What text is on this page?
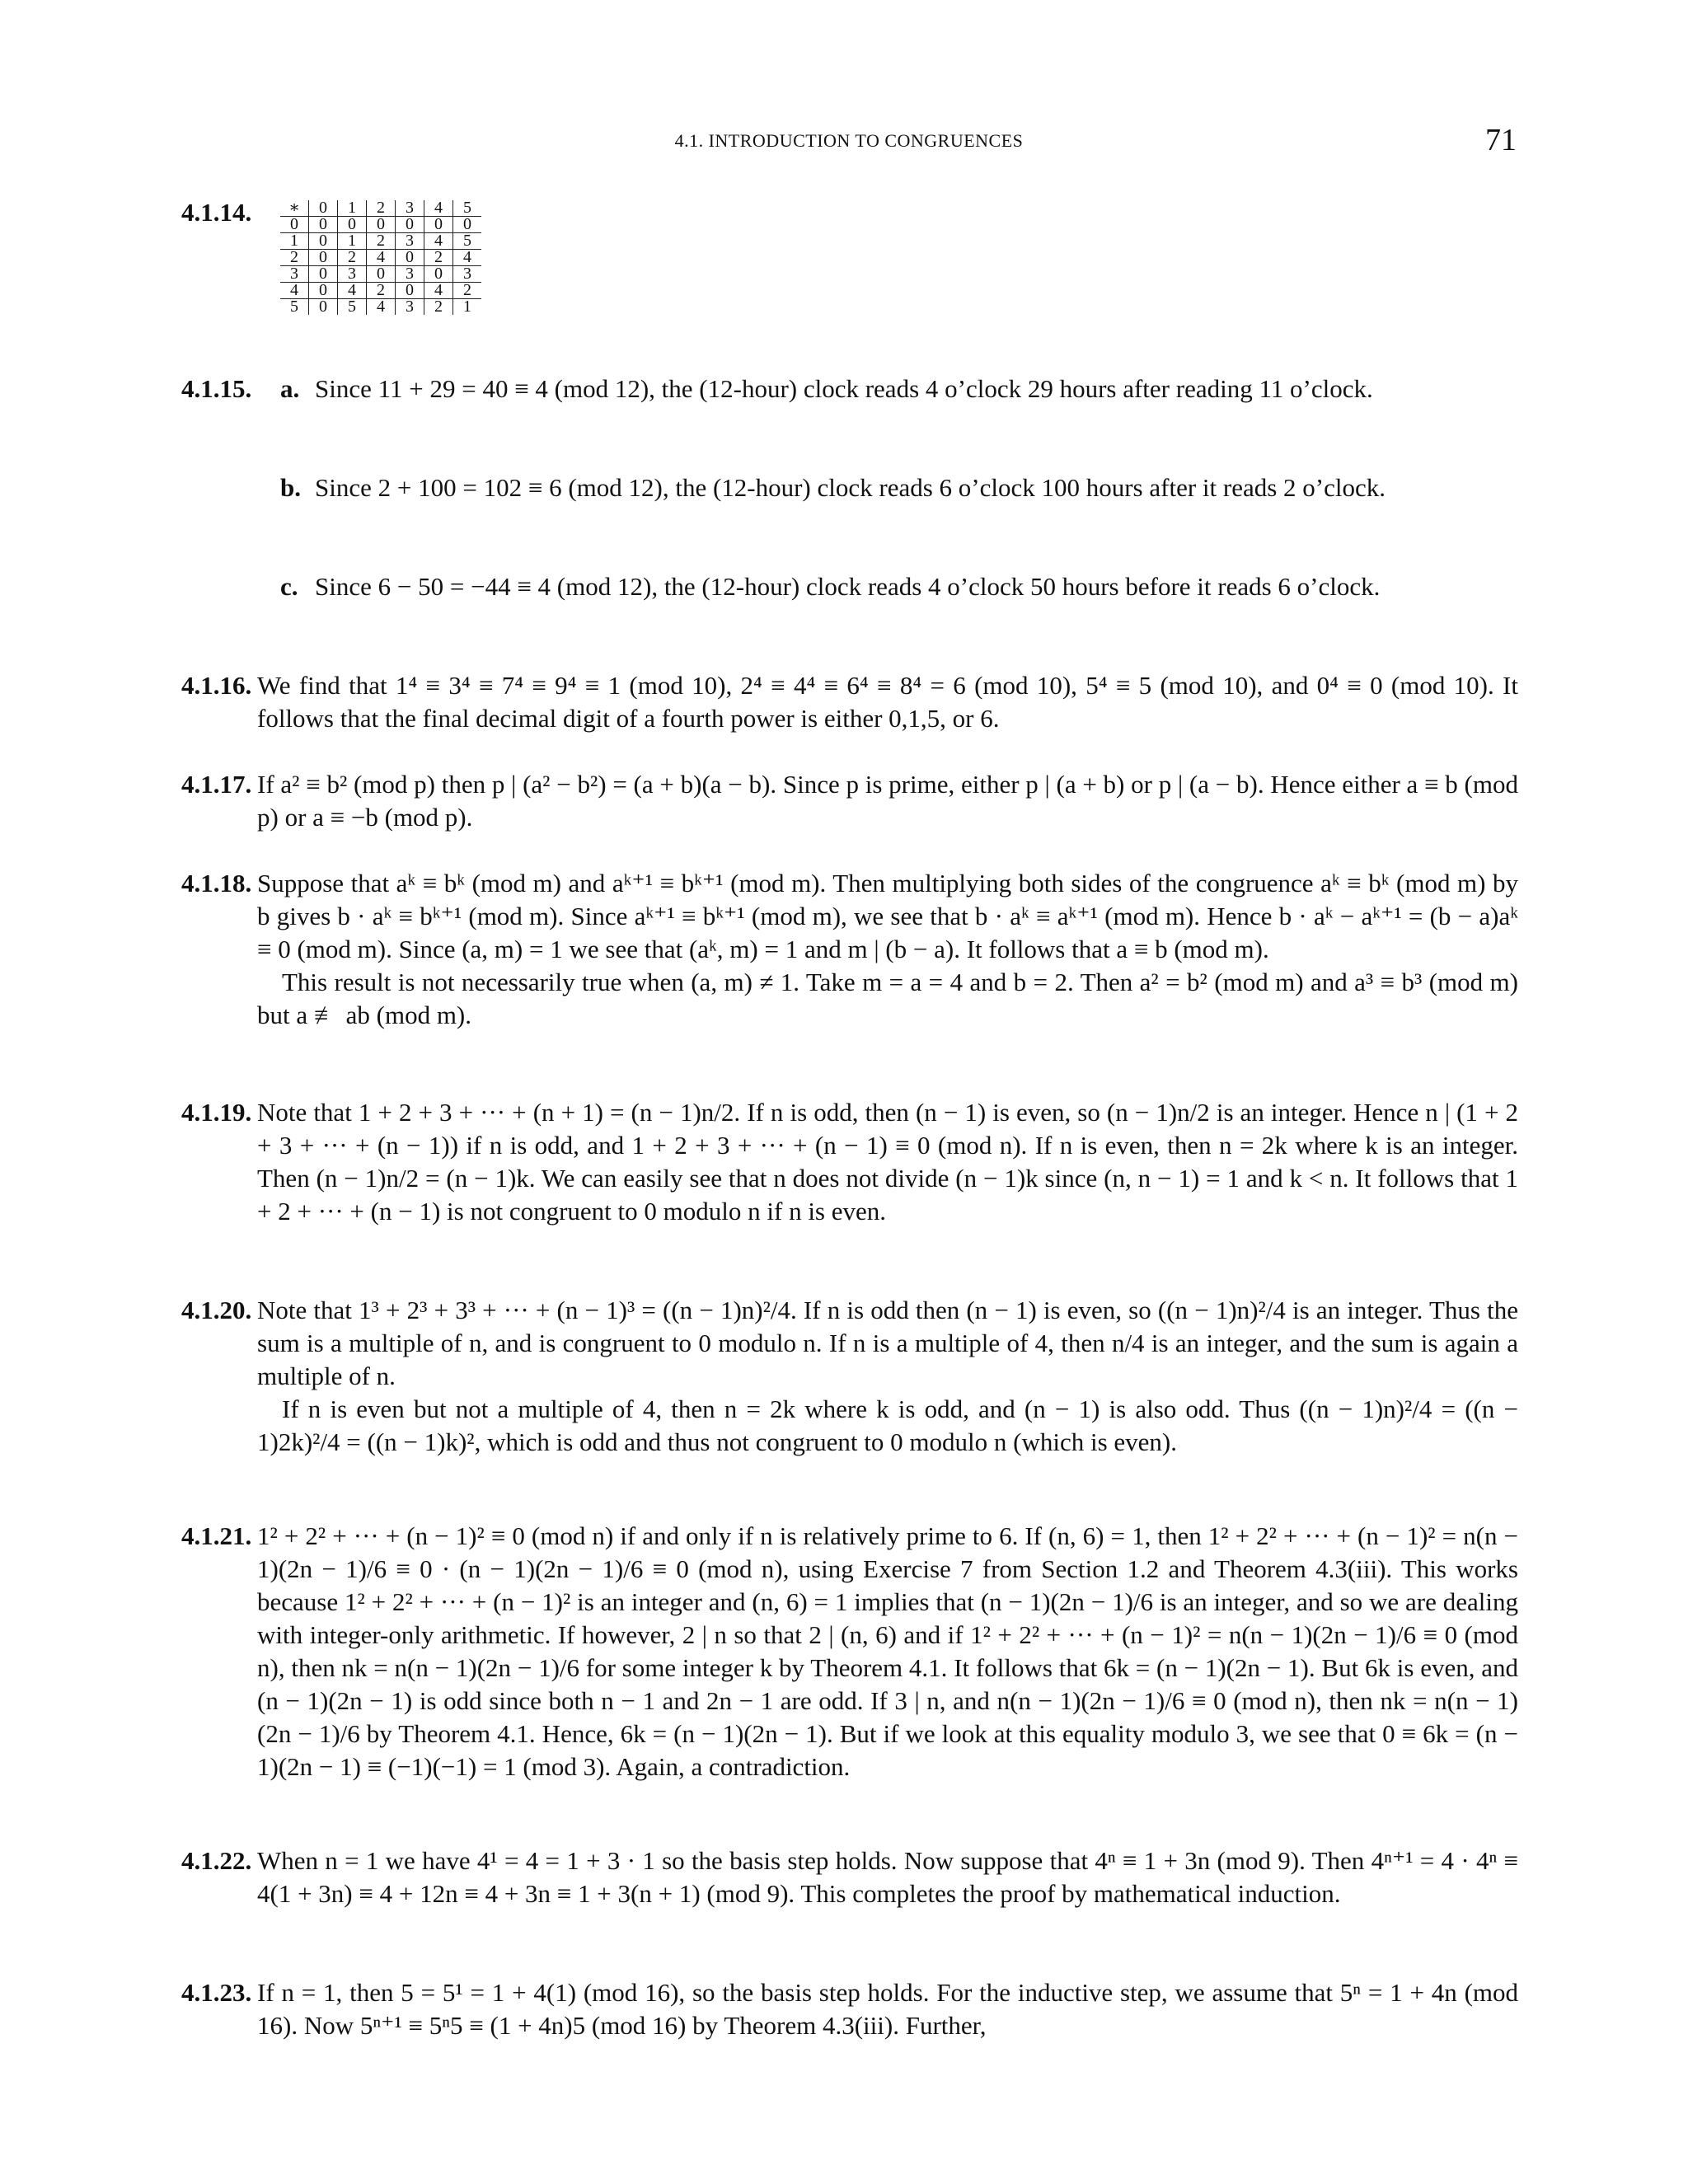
4.1. INTRODUCTION TO CONGRUENCES	71
4.1.14. ∗	0	1	2	3	4	5
0	0	0	0	0	0	0
1	0	1	2	3	4	5
2	0	2	4	0	2	4
3	0	3	0	3	0	3
4	0	4	2	0	4	2
5	0	5	4	3	2	1
4.1.15. a. Since 11 + 29 = 40 ≡ 4 (mod 12), the (12-hour) clock reads 4 o’clock 29 hours after reading 11 o’clock.
b. Since 2 + 100 = 102 ≡ 6 (mod 12), the (12-hour) clock reads 6 o’clock 100 hours after it reads 2 o’clock.
c. Since 6 − 50 = −44 ≡ 4 (mod 12), the (12-hour) clock reads 4 o’clock 50 hours before it reads 6 o’clock.
4.1.16. We find that 1⁴ ≡ 3⁴ ≡ 7⁴ ≡ 9⁴ ≡ 1 (mod 10), 2⁴ ≡ 4⁴ ≡ 6⁴ ≡ 8⁴ = 6 (mod 10), 5⁴ ≡ 5 (mod 10), and 0⁴ ≡ 0 (mod 10). It follows that the final decimal digit of a fourth power is either 0,1,5, or 6.
4.1.17. If a² ≡ b² (mod p) then p | (a² − b²) = (a + b)(a − b). Since p is prime, either p | (a + b) or p | (a − b). Hence either a ≡ b (mod p) or a ≡ −b (mod p).
4.1.18. Suppose that aᵏ ≡ bᵏ (mod m) and aᵏ⁺¹ ≡ bᵏ⁺¹ (mod m). Then multiplying both sides of the congruence aᵏ ≡ bᵏ (mod m) by b gives b · aᵏ ≡ bᵏ⁺¹ (mod m). Since aᵏ⁺¹ ≡ bᵏ⁺¹ (mod m), we see that b · aᵏ ≡ aᵏ⁺¹ (mod m). Hence b · aᵏ − aᵏ⁺¹ = (b − a)aᵏ ≡ 0 (mod m). Since (a, m) = 1 we see that (aᵏ, m) = 1 and m | (b − a). It follows that a ≡ b (mod m).
This result is not necessarily true when (a, m) ≠ 1. Take m = a = 4 and b = 2. Then a² = b² (mod m) and a³ ≡ b³ (mod m) but a ≢ ab (mod m).
4.1.19. Note that 1 + 2 + 3 + ··· + (n + 1) = (n − 1)n/2. If n is odd, then (n − 1) is even, so (n − 1)n/2 is an integer. Hence n | (1 + 2 + 3 + ··· + (n − 1)) if n is odd, and 1 + 2 + 3 + ··· + (n − 1) ≡ 0 (mod n). If n is even, then n = 2k where k is an integer. Then (n − 1)n/2 = (n − 1)k. We can easily see that n does not divide (n − 1)k since (n, n − 1) = 1 and k < n. It follows that 1 + 2 + ··· + (n − 1) is not congruent to 0 modulo n if n is even.
4.1.20. Note that 1³ + 2³ + 3³ + ··· + (n − 1)³ = ((n − 1)n)²/4. If n is odd then (n − 1) is even, so ((n − 1)n)²/4 is an integer. Thus the sum is a multiple of n, and is congruent to 0 modulo n. If n is a multiple of 4, then n/4 is an integer, and the sum is again a multiple of n.
If n is even but not a multiple of 4, then n = 2k where k is odd, and (n − 1) is also odd. Thus ((n − 1)n)²/4 = ((n − 1)2k)²/4 = ((n − 1)k)², which is odd and thus not congruent to 0 modulo n (which is even).
4.1.21. 1² + 2² + ··· + (n − 1)² ≡ 0 (mod n) if and only if n is relatively prime to 6. If (n, 6) = 1, then 1² + 2² + ··· + (n − 1)² = n(n − 1)(2n − 1)/6 ≡ 0 · (n − 1)(2n − 1)/6 ≡ 0 (mod n), using Exercise 7 from Section 1.2 and Theorem 4.3(iii). This works because 1² + 2² + ··· + (n − 1)² is an integer and (n, 6) = 1 implies that (n − 1)(2n − 1)/6 is an integer, and so we are dealing with integer-only arithmetic. If however, 2 | n so that 2 | (n, 6) and if 1² + 2² + ··· + (n − 1)² = n(n − 1)(2n − 1)/6 ≡ 0 (mod n), then nk = n(n − 1)(2n − 1)/6 for some integer k by Theorem 4.1. It follows that 6k = (n − 1)(2n − 1). But 6k is even, and (n − 1)(2n − 1) is odd since both n − 1 and 2n − 1 are odd. If 3 | n, and n(n − 1)(2n − 1)/6 ≡ 0 (mod n), then nk = n(n − 1)(2n − 1)/6 by Theorem 4.1. Hence, 6k = (n − 1)(2n − 1). But if we look at this equality modulo 3, we see that 0 ≡ 6k = (n − 1)(2n − 1) ≡ (−1)(−1) = 1 (mod 3). Again, a contradiction.
4.1.22. When n = 1 we have 4¹ = 4 = 1 + 3 · 1 so the basis step holds. Now suppose that 4ⁿ ≡ 1 + 3n (mod 9). Then 4ⁿ⁺¹ = 4 · 4ⁿ ≡ 4(1 + 3n) ≡ 4 + 12n ≡ 4 + 3n ≡ 1 + 3(n + 1) (mod 9). This completes the proof by mathematical induction.
4.1.23. If n = 1, then 5 = 5¹ = 1 + 4(1) (mod 16), so the basis step holds. For the inductive step, we assume that 5ⁿ = 1 + 4n (mod 16). Now 5ⁿ⁺¹ ≡ 5ⁿ5 ≡ (1 + 4n)5 (mod 16) by Theorem 4.3(iii). Further,
